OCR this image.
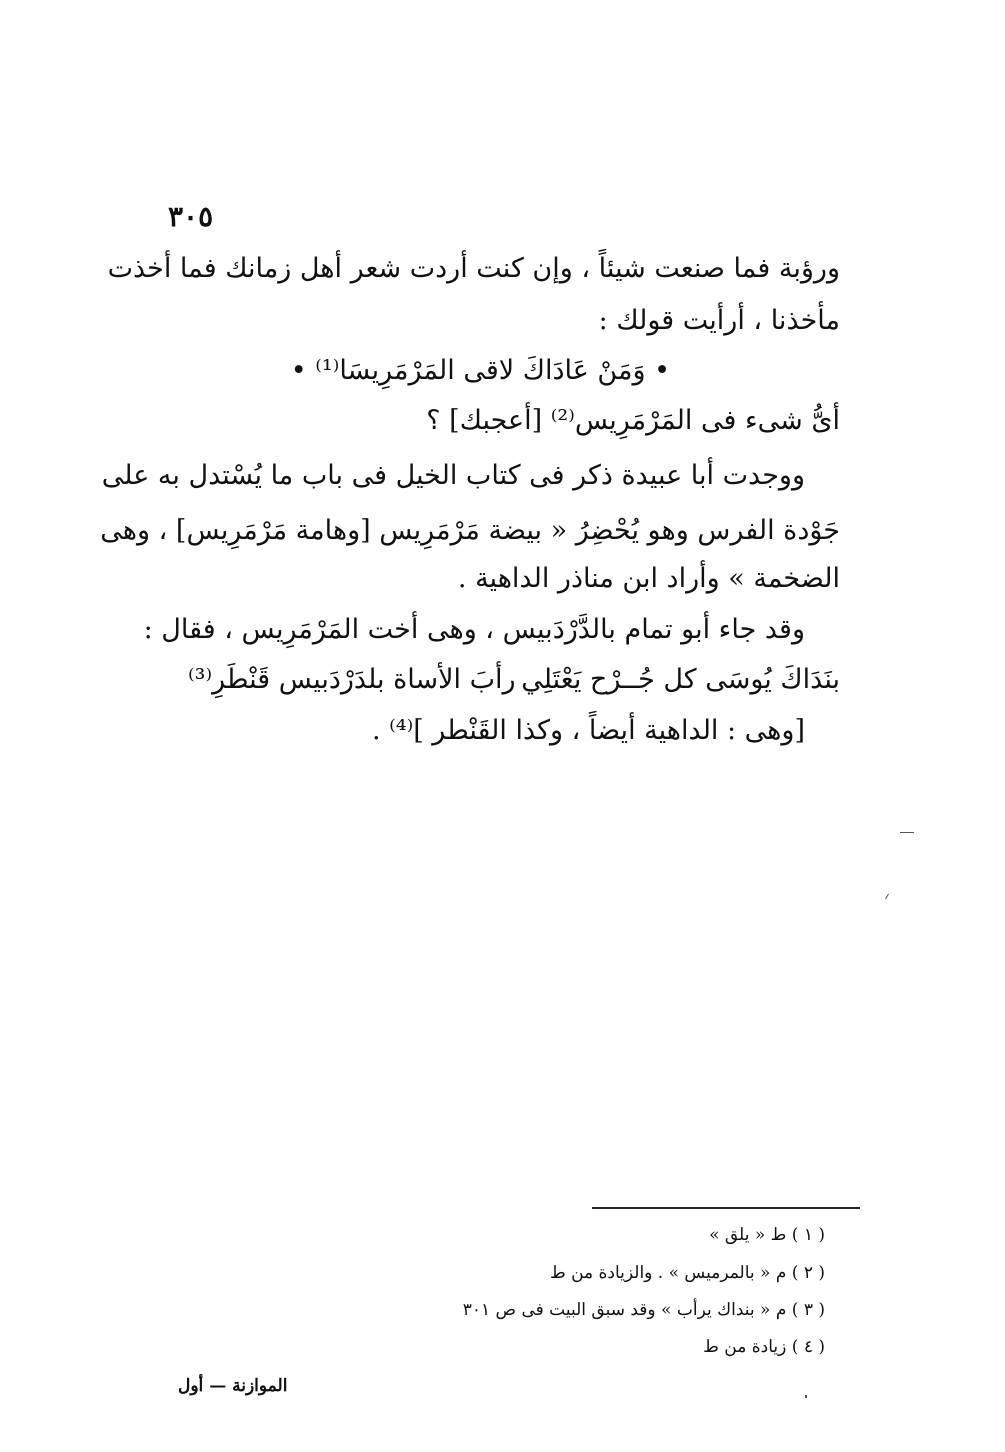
٣٠٥
ورؤبة فما صنعت شيئاً ، وإن كنت أردت شعر أهل زمانك فما أخذت
مأخذنا ، أرأيت قولك :
• وَمَنْ عَادَاكَ لاقى المَرْمَرِيسَا⁽¹⁾ •
أىُّ شىء فى المَرْمَرِيس⁽²⁾ [أعجبك] ؟
ووجدت أبا عبيدة ذكر فى كتاب الخيل فى باب ما يُسْتدل به على
جَوْدة الفرس وهو يُحْضِرُ « بيضة مَرْمَرِيس [وهامة مَرْمَرِيس] ، وهى
الضخمة » وأراد ابن مناذر الداهية .
وقد جاء أبو تمام بالدَّرْدَبيس ، وهى أخت المَرْمَرِيس ، فقال :
بنَدَاكَ يُوسَى كل جُــرْح يَعْتَلِي
رأبَ الأساة بلدَرْدَبيس قَنْطَرِ⁽³⁾
[وهى : الداهية أيضاً ، وكذا القَنْطر ]⁽⁴⁾ .
( ١ ) ط « يلق »
( ٢ ) م « بالمرميس » . والزيادة من ط
( ٣ ) م « بنداك يرأب » وقد سبق البيت فى ص ٣٠١
( ٤ ) زيادة من ط
الموازنة — أول
